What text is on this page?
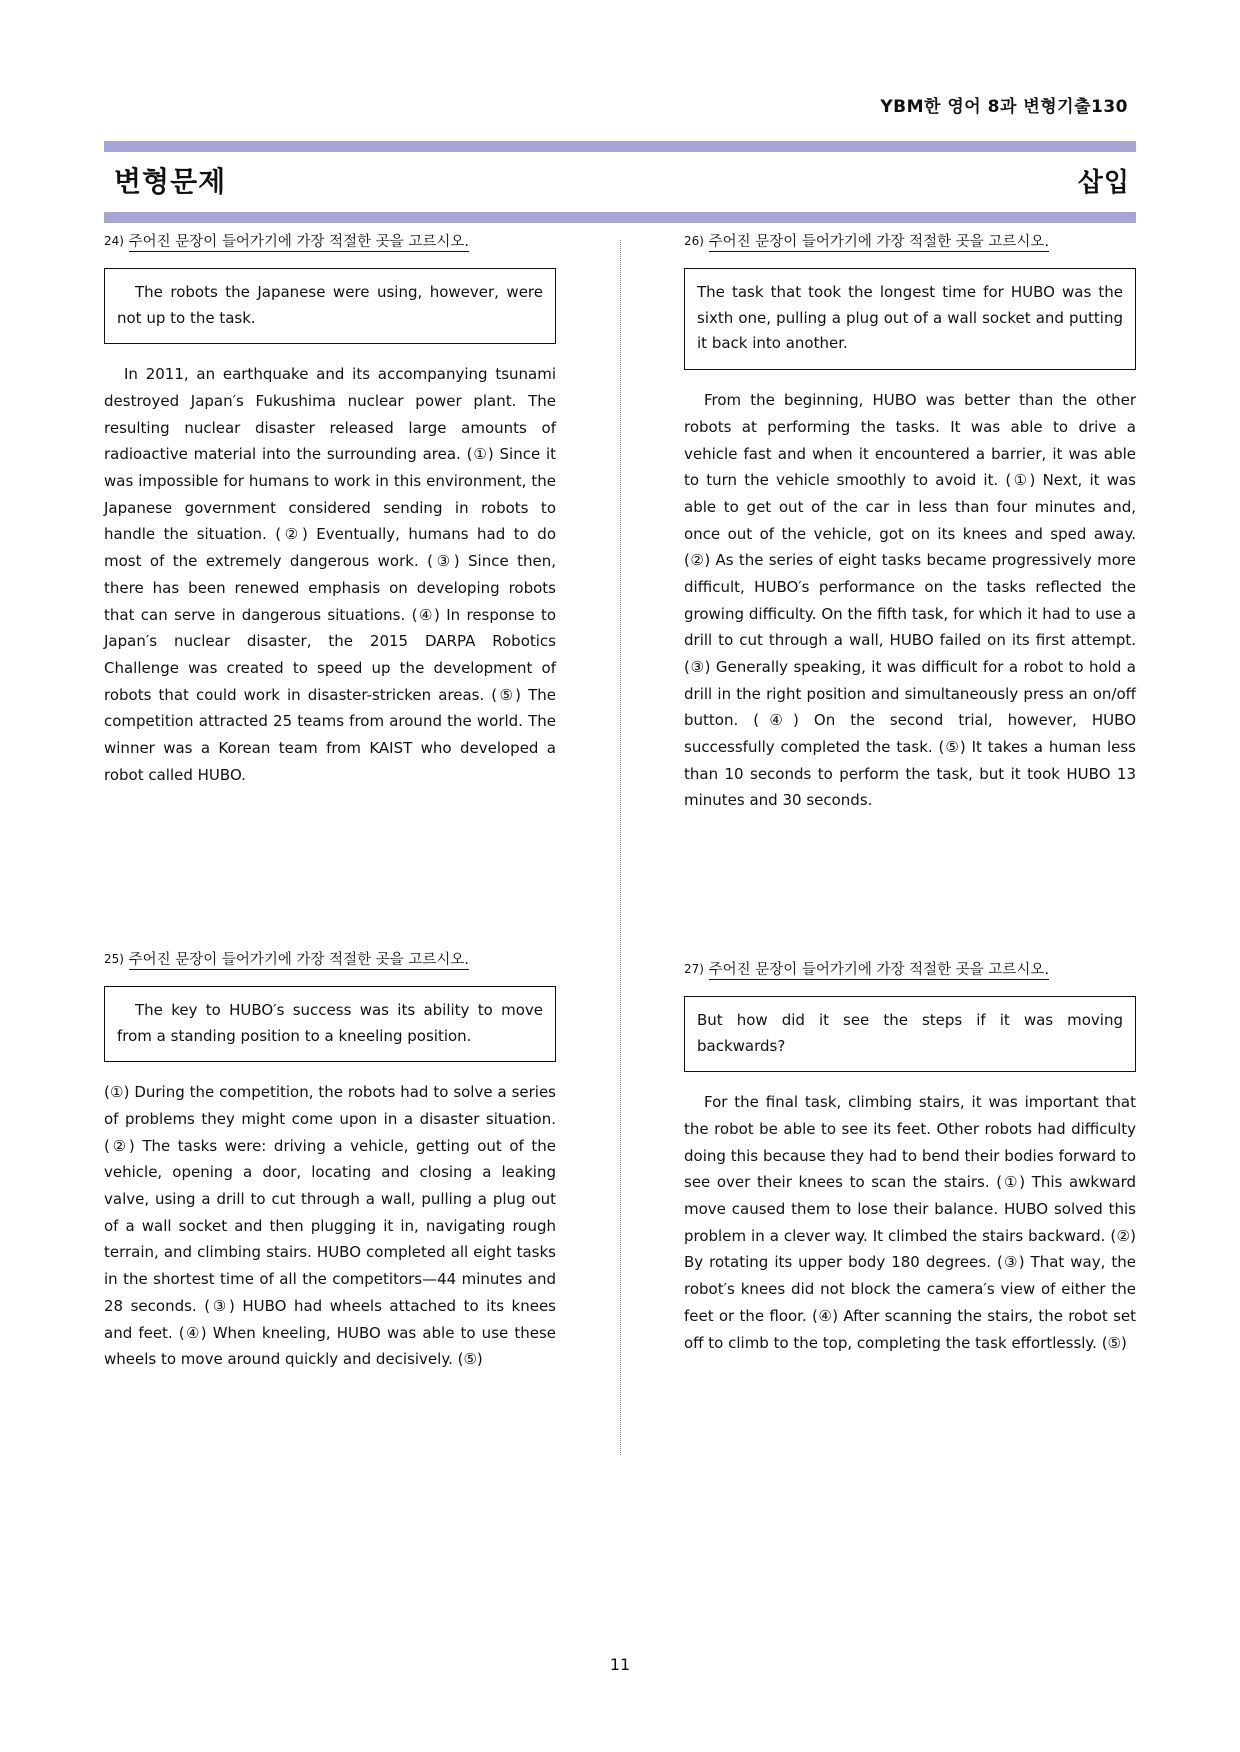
YBM한 영어 8과 변형기출130
변형문제	삽입
24) 주어진 문장이 들어가기에 가장 적절한 곳을 고르시오.
The robots the Japanese were using, however, were not up to the task.
In 2011, an earthquake and its accompanying tsunami destroyed Japan′s Fukushima nuclear power plant. The resulting nuclear disaster released large amounts of radioactive material into the surrounding area. (①) Since it was impossible for humans to work in this environment, the Japanese government considered sending in robots to handle the situation. (②) Eventually, humans had to do most of the extremely dangerous work. (③) Since then, there has been renewed emphasis on developing robots that can serve in dangerous situations. (④) In response to Japan′s nuclear disaster, the 2015 DARPA Robotics Challenge was created to speed up the development of robots that could work in disaster-stricken areas. (⑤) The competition attracted 25 teams from around the world. The winner was a Korean team from KAIST who developed a robot called HUBO.
25) 주어진 문장이 들어가기에 가장 적절한 곳을 고르시오.
The key to HUBO′s success was its ability to move from a standing position to a kneeling position.
(①) During the competition, the robots had to solve a series of problems they might come upon in a disaster situation. (②) The tasks were: driving a vehicle, getting out of the vehicle, opening a door, locating and closing a leaking valve, using a drill to cut through a wall, pulling a plug out of a wall socket and then plugging it in, navigating rough terrain, and climbing stairs. HUBO completed all eight tasks in the shortest time of all the competitors—44 minutes and 28 seconds. (③) HUBO had wheels attached to its knees and feet. (④) When kneeling, HUBO was able to use these wheels to move around quickly and decisively. (⑤)
26) 주어진 문장이 들어가기에 가장 적절한 곳을 고르시오.
The task that took the longest time for HUBO was the sixth one, pulling a plug out of a wall socket and putting it back into another.
From the beginning, HUBO was better than the other robots at performing the tasks. It was able to drive a vehicle fast and when it encountered a barrier, it was able to turn the vehicle smoothly to avoid it. (①) Next, it was able to get out of the car in less than four minutes and, once out of the vehicle, got on its knees and sped away. (②) As the series of eight tasks became progressively more difficult, HUBO′s performance on the tasks reflected the growing difficulty. On the fifth task, for which it had to use a drill to cut through a wall, HUBO failed on its first attempt. (③) Generally speaking, it was difficult for a robot to hold a drill in the right position and simultaneously press an on/off button. (④) On the second trial, however, HUBO successfully completed the task. (⑤) It takes a human less than 10 seconds to perform the task, but it took HUBO 13 minutes and 30 seconds.
27) 주어진 문장이 들어가기에 가장 적절한 곳을 고르시오.
But how did it see the steps if it was moving backwards?
For the final task, climbing stairs, it was important that the robot be able to see its feet. Other robots had difficulty doing this because they had to bend their bodies forward to see over their knees to scan the stairs. (①) This awkward move caused them to lose their balance. HUBO solved this problem in a clever way. It climbed the stairs backward. (②) By rotating its upper body 180 degrees. (③) That way, the robot′s knees did not block the camera′s view of either the feet or the floor. (④) After scanning the stairs, the robot set off to climb to the top, completing the task effortlessly. (⑤)
11
